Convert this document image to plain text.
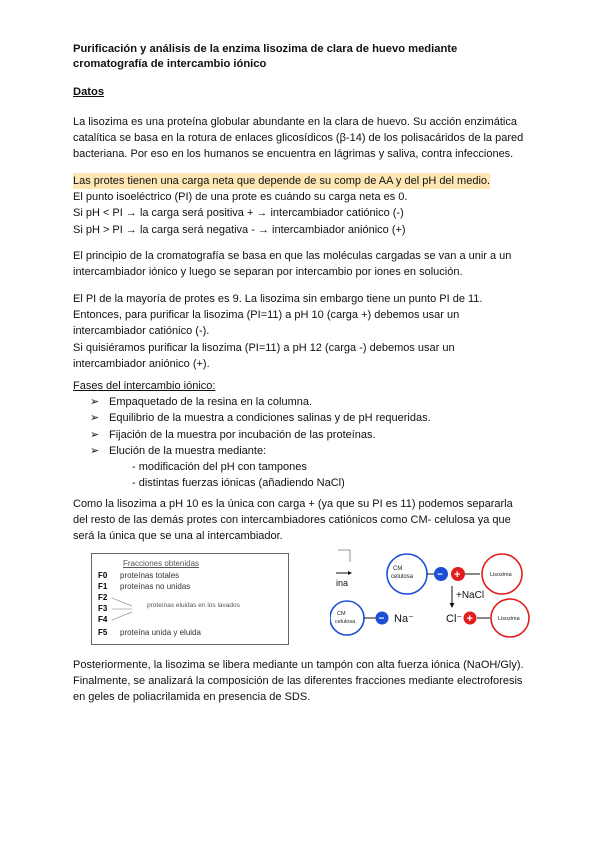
Purificación y análisis de la enzima lisozima de clara de huevo mediante cromatografía de intercambio iónico
Datos
La lisozima es una proteína globular abundante en la clara de huevo. Su acción enzimática
catalítica se basa en la rotura de enlaces glicosídicos (β-14) de los polisacáridos de la pared
bacteriana. Por eso en los humanos se encuentra en lágrimas y saliva, contra infecciones.
Las protes tienen una carga neta que depende de su comp de AA y del pH del medio.
El punto isoeléctrico (PI) de una prote es cuándo su carga neta es 0.
Si pH < PI → la carga será positiva + → intercambiador catiónico (-)
Si pH > PI → la carga será negativa - → intercambiador aniónico (+)
El principio de la cromatografía se basa en que las moléculas cargadas se van a unir a un
intercambiador iónico y luego se separan por intercambio por iones en solución.
El PI de la mayoría de protes es 9. La lisozima sin embargo tiene un punto PI de 11.
Entonces, para purificar la lisozima (PI=11) a pH 10 (carga +) debemos usar un
intercambiador catiónico (-).
Si quisiéramos purificar la lisozima (PI=11) a pH 12 (carga -) debemos usar un
intercambiador aniónico (+).
Fases del intercambio iónico:
➢ Empaquetado de la resina en la columna.
➢ Equilibrio de la muestra a condiciones salinas y de pH requeridas.
➢ Fijación de la muestra por incubación de las proteínas.
➢ Elución de la muestra mediante:
- modificación del pH con tampones
- distintas fuerzas iónicas (añadiendo NaCl)
Como la lisozima a pH 10 es la única con carga + (ya que su PI es 11) podemos separarla
del resto de las demás protes con intercambiadores catiónicos como CM- celulosa ya que
será la única que se una al intercambiador.
Fracciones obtenidas
F0 proteínas totales
F1 proteínas no unidas
F2
F3
F4
F5 proteína unida y eluida
proteínas eluidas en los lavados
ina
CM
celulosa − +	Lisozima
+NaCl
CM
celulosa − Na⁻	Cl⁻ +	Lisozima
Posteriormente, la lisozima se libera mediante un tampón con alta fuerza iónica (NaOH/Gly).
Finalmente, se analizará la composición de las diferentes fracciones mediante electroforesis
en geles de poliacrilamida en presencia de SDS.
